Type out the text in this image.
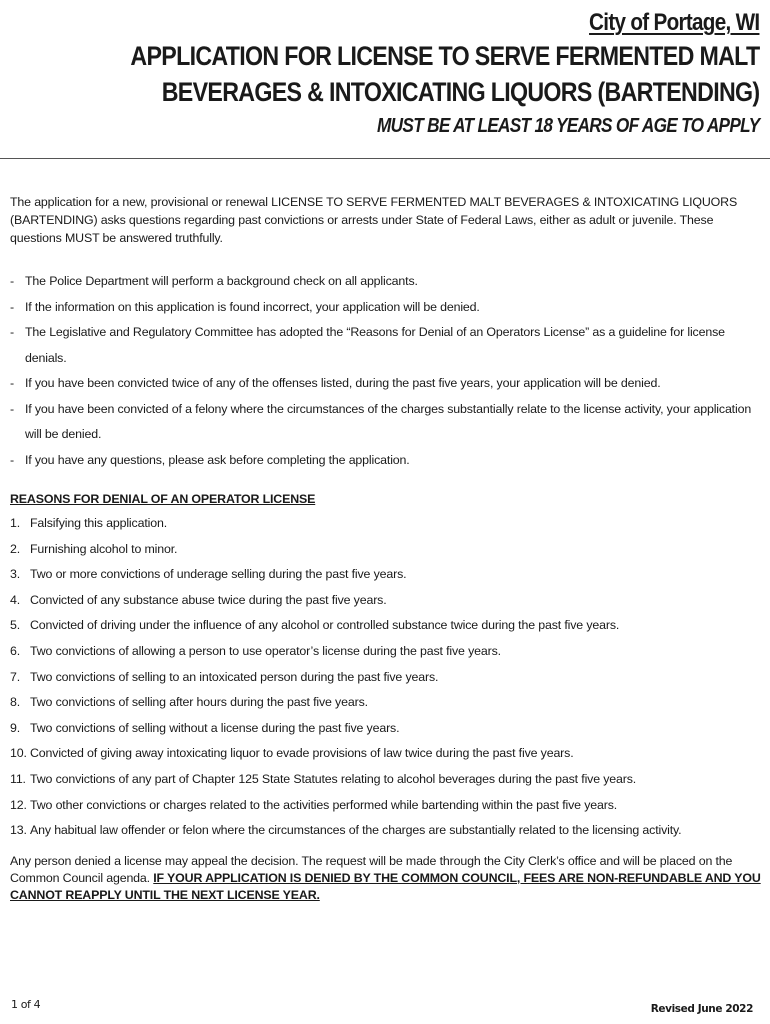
City of Portage, WI
APPLICATION FOR LICENSE TO SERVE FERMENTED MALT
BEVERAGES & INTOXICATING LIQUORS (BARTENDING)
MUST BE AT LEAST 18 YEARS OF AGE TO APPLY

The application for a new, provisional or renewal LICENSE TO SERVE FERMENTED MALT BEVERAGES & INTOXICATING LIQUORS (BARTENDING) asks questions regarding past convictions or arrests under State of Federal Laws, either as adult or juvenile. These questions MUST be answered truthfully.

- The Police Department will perform a background check on all applicants.
- If the information on this application is found incorrect, your application will be denied.
- The Legislative and Regulatory Committee has adopted the “Reasons for Denial of an Operators License” as a guideline for license denials.
- If you have been convicted twice of any of the offenses listed, during the past five years, your application will be denied.
- If you have been convicted of a felony where the circumstances of the charges substantially relate to the license activity, your application will be denied.
- If you have any questions, please ask before completing the application.
REASONS FOR DENIAL OF AN OPERATOR LICENSE
1. Falsifying this application.
2. Furnishing alcohol to minor.
3. Two or more convictions of underage selling during the past five years.
4. Convicted of any substance abuse twice during the past five years.
5. Convicted of driving under the influence of any alcohol or controlled substance twice during the past five years.
6. Two convictions of allowing a person to use operator’s license during the past five years.
7. Two convictions of selling to an intoxicated person during the past five years.
8. Two convictions of selling after hours during the past five years.
9. Two convictions of selling without a license during the past five years.
10. Convicted of giving away intoxicating liquor to evade provisions of law twice during the past five years.
11. Two convictions of any part of Chapter 125 State Statutes relating to alcohol beverages during the past five years.
12. Two other convictions or charges related to the activities performed while bartending within the past five years.
13. Any habitual law offender or felon where the circumstances of the charges are substantially related to the licensing activity.

Any person denied a license may appeal the decision. The request will be made through the City Clerk’s office and will be placed on the Common Council agenda. IF YOUR APPLICATION IS DENIED BY THE COMMON COUNCIL, FEES ARE NON-REFUNDABLE AND YOU CANNOT REAPPLY UNTIL THE NEXT LICENSE YEAR.

1 of 4	Revised June 2022
